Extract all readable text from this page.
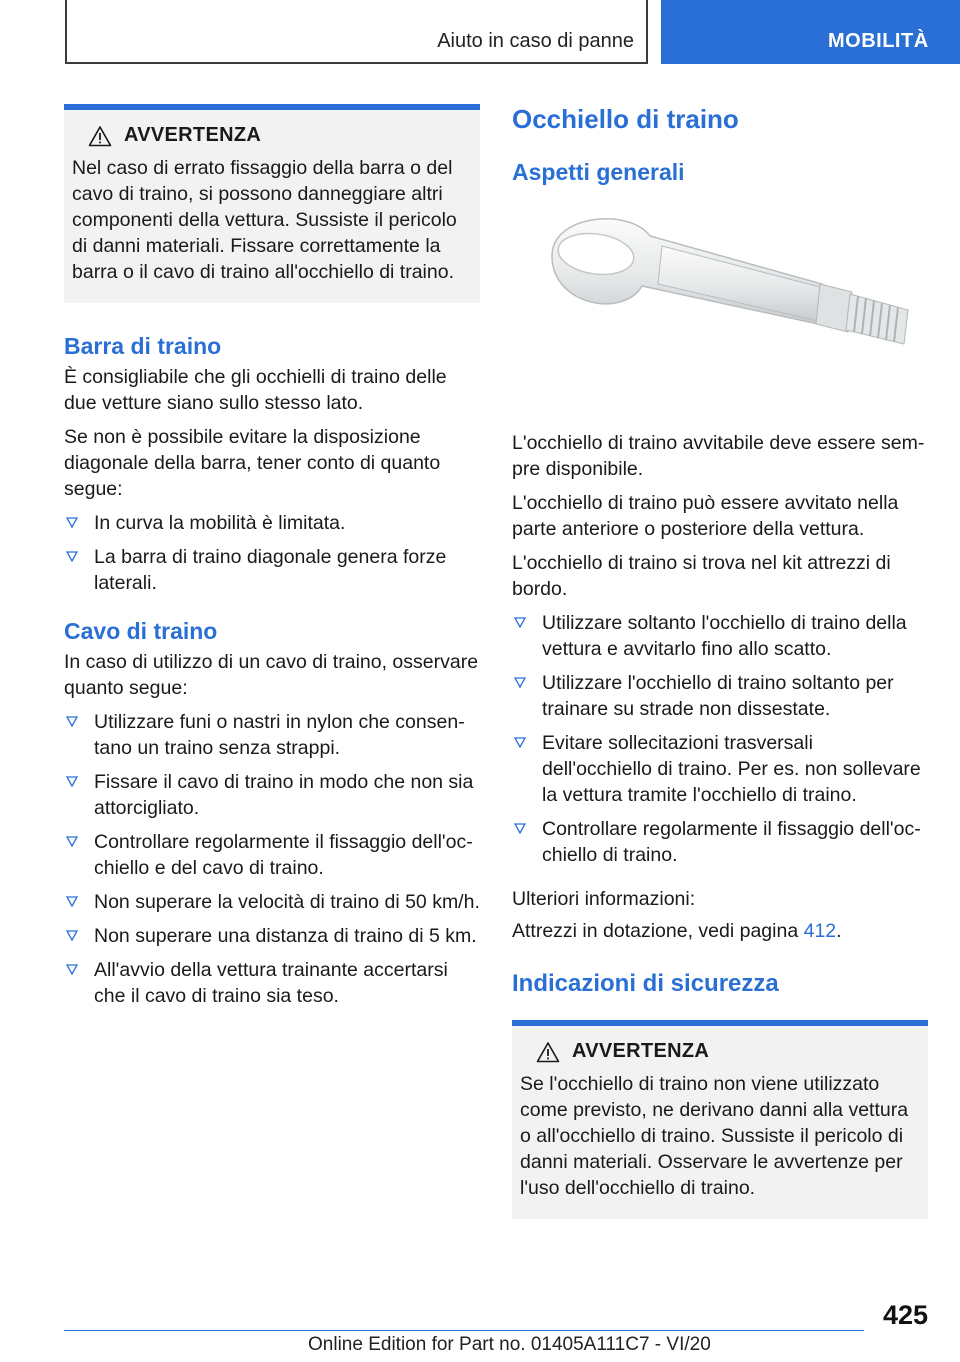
Aiuto in caso di panne	MOBILITÀ
AVVERTENZA

Nel caso di errato fissaggio della barra o del cavo di traino, si possono danneggiare altri componenti della vettura. Sussiste il pericolo di danni materiali. Fissare correttamente la barra o il cavo di traino all'occhiello di traino.

Barra di traino

È consigliabile che gli occhielli di traino delle due vetture siano sullo stesso lato.

Se non è possibile evitare la disposizione diagonale della barra, tener conto di quanto segue:

In curva la mobilità è limitata.
La barra di traino diagonale genera forze laterali.
Cavo di traino

In caso di utilizzo di un cavo di traino, osservare quanto segue:

Utilizzare funi o nastri in nylon che consentano un traino senza strappi.
Fissare il cavo di traino in modo che non sia attorcigliato.
Controllare regolarmente il fissaggio dell'occhiello e del cavo di traino.
Non superare la velocità di traino di 50 km/h.
Non superare una distanza di traino di 5 km.
All'avvio della vettura trainante accertarsi che il cavo di traino sia teso.
Occhiello di traino
Aspetti generali

L'occhiello di traino avvitabile deve essere sempre disponibile.

L'occhiello di traino può essere avvitato nella parte anteriore o posteriore della vettura.

L'occhiello di traino si trova nel kit attrezzi di bordo.

Utilizzare soltanto l'occhiello di traino della vettura e avvitarlo fino allo scatto.
Utilizzare l'occhiello di traino soltanto per trainare su strade non dissestate.
Evitare sollecitazioni trasversali dell'occhiello di traino. Per es. non sollevare la vettura tramite l'occhiello di traino.
Controllare regolarmente il fissaggio dell'occhiello di traino.

Ulteriori informazioni:

Attrezzi in dotazione, vedi pagina 412.

Indicazioni di sicurezza
AVVERTENZA

Se l'occhiello di traino non viene utilizzato come previsto, ne derivano danni alla vettura o all'occhiello di traino. Sussiste il pericolo di danni materiali. Osservare le avvertenze per l'uso dell'occhiello di traino.

425
Online Edition for Part no. 01405A111C7 - VI/20
